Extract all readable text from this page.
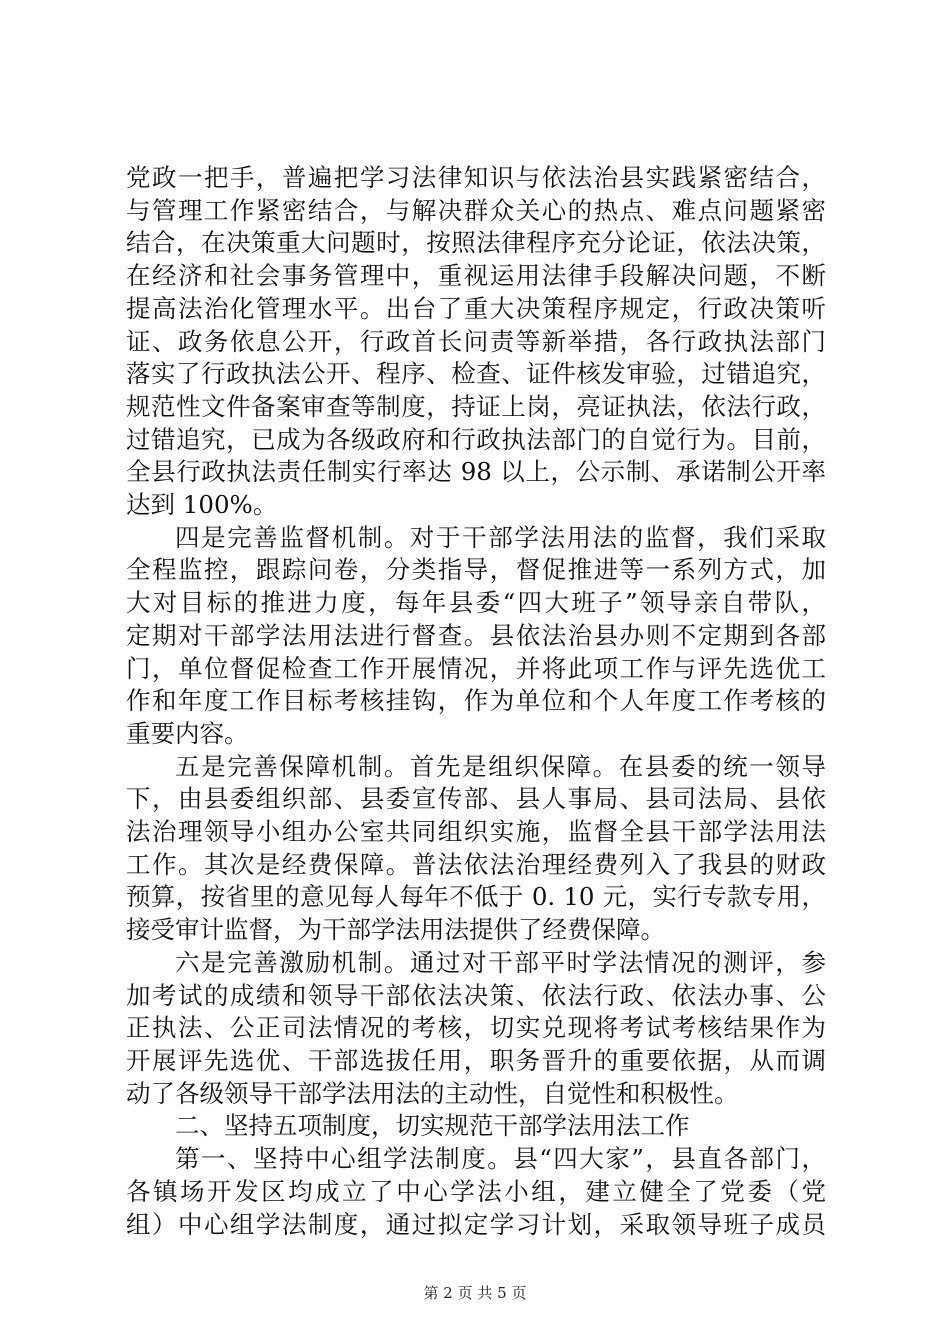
党政一把手，普遍把学习法律知识与依法治县实践紧密结合，
与管理工作紧密结合，与解决群众关心的热点、难点问题紧密
结合，在决策重大问题时，按照法律程序充分论证，依法决策，
在经济和社会事务管理中，重视运用法律手段解决问题，不断
提高法治化管理水平。出台了重大决策程序规定，行政决策听
证、政务依息公开，行政首长问责等新举措，各行政执法部门
落实了行政执法公开、程序、检查、证件核发审验，过错追究，
规范性文件备案审查等制度，持证上岗，亮证执法，依法行政，
过错追究，已成为各级政府和行政执法部门的自觉行为。目前，
全县行政执法责任制实行率达 98 以上，公示制、承诺制公开率
达到 100%。
四是完善监督机制。对于干部学法用法的监督，我们采取
全程监控，跟踪问卷，分类指导，督促推进等一系列方式，加
大对目标的推进力度，每年县委“四大班子”领导亲自带队，
定期对干部学法用法进行督查。县依法治县办则不定期到各部
门，单位督促检查工作开展情况，并将此项工作与评先选优工
作和年度工作目标考核挂钩，作为单位和个人年度工作考核的
重要内容。
五是完善保障机制。首先是组织保障。在县委的统一领导
下，由县委组织部、县委宣传部、县人事局、县司法局、县依
法治理领导小组办公室共同组织实施，监督全县干部学法用法
工作。其次是经费保障。普法依法治理经费列入了我县的财政
预算，按省里的意见每人每年不低于 0. 10 元，实行专款专用，
接受审计监督，为干部学法用法提供了经费保障。
六是完善激励机制。通过对干部平时学法情况的测评，参
加考试的成绩和领导干部依法决策、依法行政、依法办事、公
正执法、公正司法情况的考核，切实兑现将考试考核结果作为
开展评先选优、干部选拔任用，职务晋升的重要依据，从而调
动了各级领导干部学法用法的主动性，自觉性和积极性。
二、坚持五项制度，切实规范干部学法用法工作
第一、坚持中心组学法制度。县“四大家”，县直各部门，
各镇场开发区均成立了中心学法小组，建立健全了党委（党
组）中心组学法制度，通过拟定学习计划，采取领导班子成员
第 2 页 共 5 页
